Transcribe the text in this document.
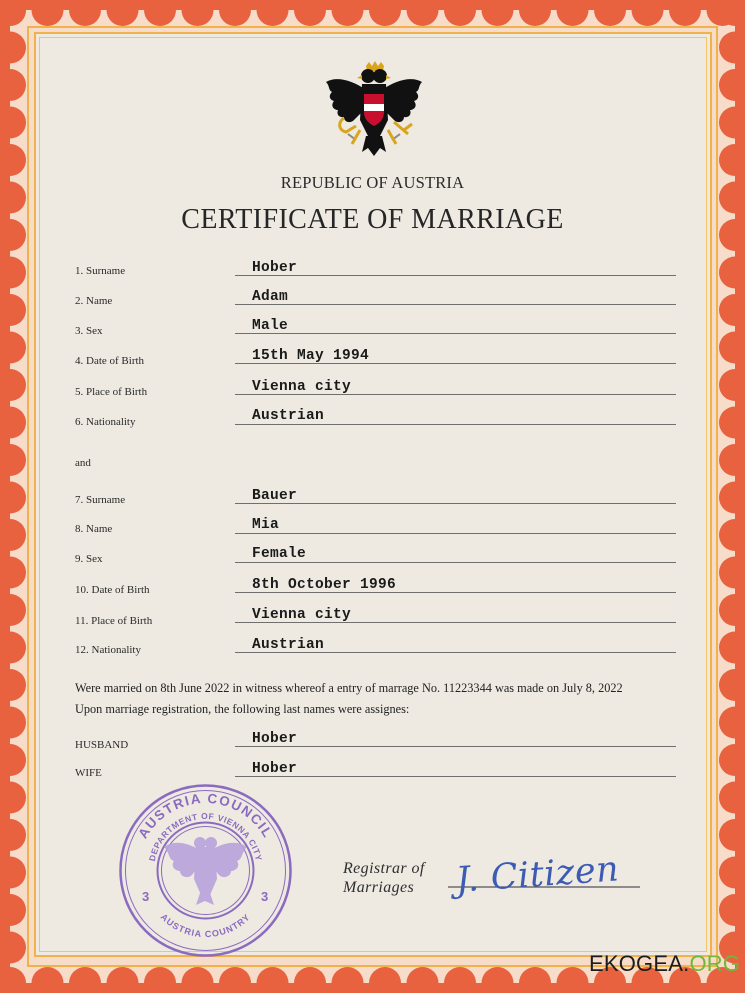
REPUBLIC OF AUSTRIA
CERTIFICATE OF MARRIAGE
1. Surname	Hober
2. Name	Adam
3. Sex	Male
4. Date of Birth	15th May 1994
5. Place of Birth	Vienna city
6. Nationality	Austrian
and
7. Surname	Bauer
8. Name	Mia
9. Sex	Female
10. Date of Birth	8th October 1996
11. Place of Birth	Vienna city
12. Nationality	Austrian
Were married on 8th June 2022 in witness whereof a entry of marrage No. 11223344 was made on July 8, 2022
Upon marriage registration, the following last names were assignes:
HUSBAND	Hober
WIFE	Hober
AUSTRIA COUNCIL
DEPARTMENT OF VIENNA CITY
AUSTRIA COUNTRY
3	3
Registrar of
Marriages	J. Citizen
EKOGEA.ORG
